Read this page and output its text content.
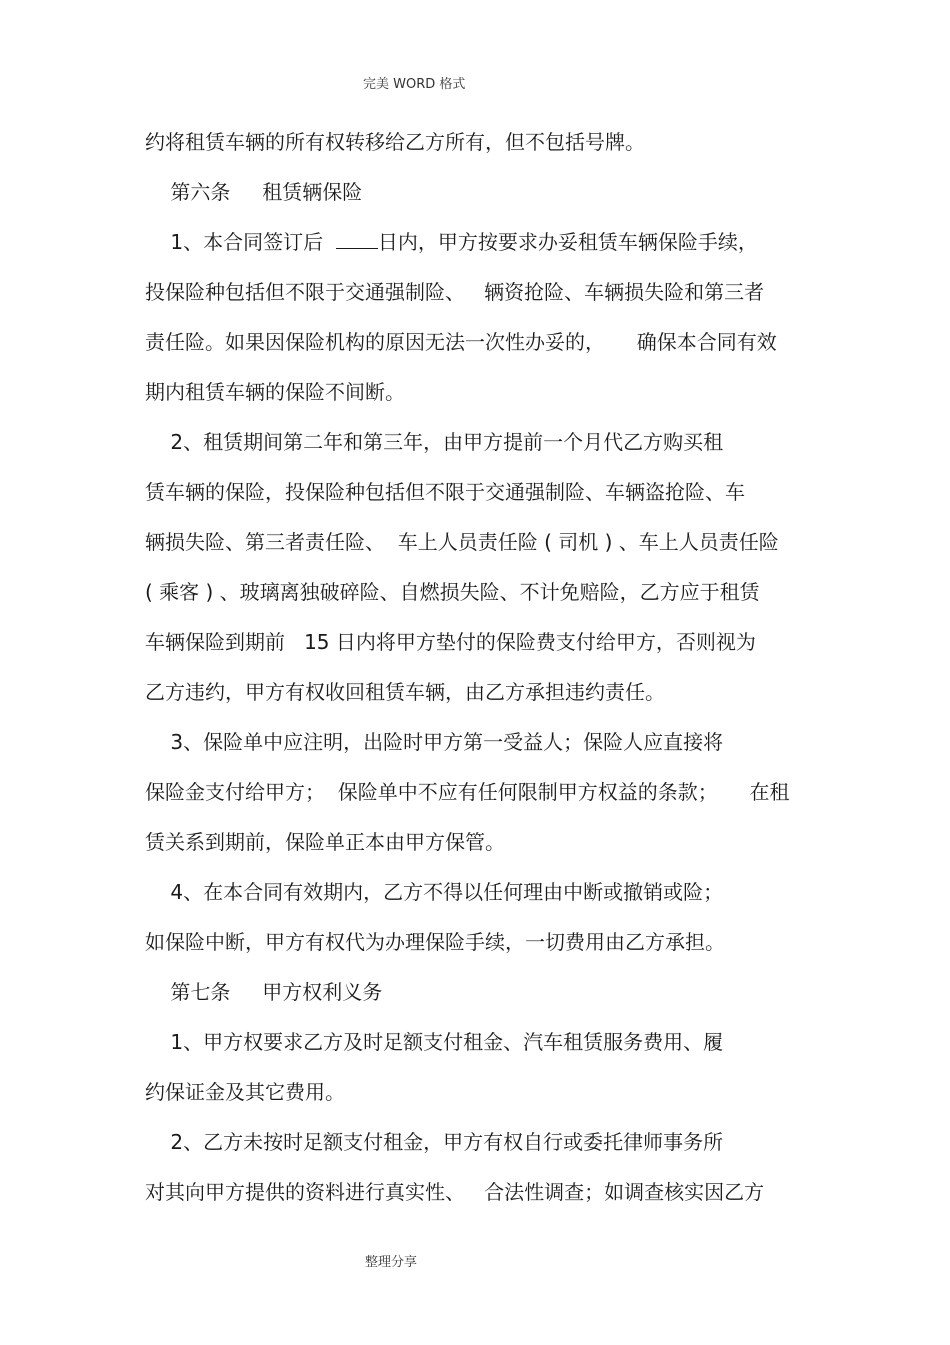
完美 WORD 格式
约将租赁车辆的所有权转移给乙方所有，但不包括号牌。
第六条     租赁辆保险
1、本合同签订后  日内，甲方按要求办妥租赁车辆保险手续，
投保险种包括但不限于交通强制险、   辆资抢险、车辆损失险和第三者
责任险。如果因保险机构的原因无法一次性办妥的，     确保本合同有效
期内租赁车辆的保险不间断。
2、租赁期间第二年和第三年，由甲方提前一个月代乙方购买租
赁车辆的保险，投保险种包括但不限于交通强制险、车辆盗抢险、车
辆损失险、第三者责任险、  车上人员责任险 ( 司机 ) 、车上人员责任险
( 乘客 ) 、玻璃离独破碎险、自燃损失险、不计免赔险，乙方应于租赁
车辆保险到期前   15 日内将甲方垫付的保险费支付给甲方，否则视为
乙方违约，甲方有权收回租赁车辆，由乙方承担违约责任。
3、保险单中应注明，出险时甲方第一受益人；保险人应直接将
保险金支付给甲方；  保险单中不应有任何限制甲方权益的条款；     在租
赁关系到期前，保险单正本由甲方保管。
4、在本合同有效期内，乙方不得以任何理由中断或撤销或险；
如保险中断，甲方有权代为办理保险手续，一切费用由乙方承担。
第七条     甲方权利义务
1、甲方权要求乙方及时足额支付租金、汽车租赁服务费用、履
约保证金及其它费用。
2、乙方未按时足额支付租金，甲方有权自行或委托律师事务所
对其向甲方提供的资料进行真实性、   合法性调查；如调查核实因乙方
整理分享
